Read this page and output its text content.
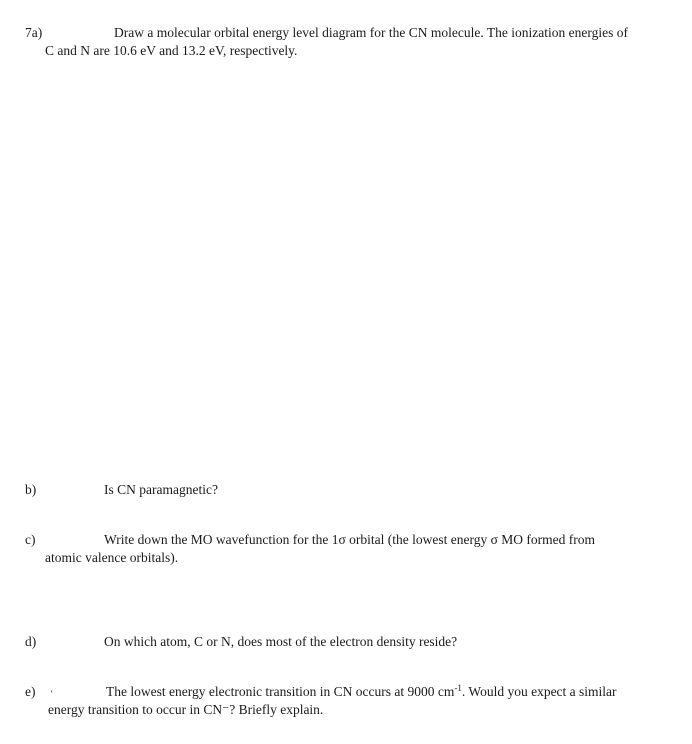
7a)	Draw a molecular orbital energy level diagram for the CN molecule. The ionization energies of
C and N are 10.6 eV and 13.2 eV, respectively.
b)	Is CN paramagnetic?
c)	Write down the MO wavefunction for the 1σ orbital (the lowest energy σ MO formed from
atomic valence orbitals).
d)	On which atom, C or N, does most of the electron density reside?
e) ‘	The lowest energy electronic transition in CN occurs at 9000 $cm^{-1}$. Would you expect a similar
energy transition to occur in CN⁻? Briefly explain.
